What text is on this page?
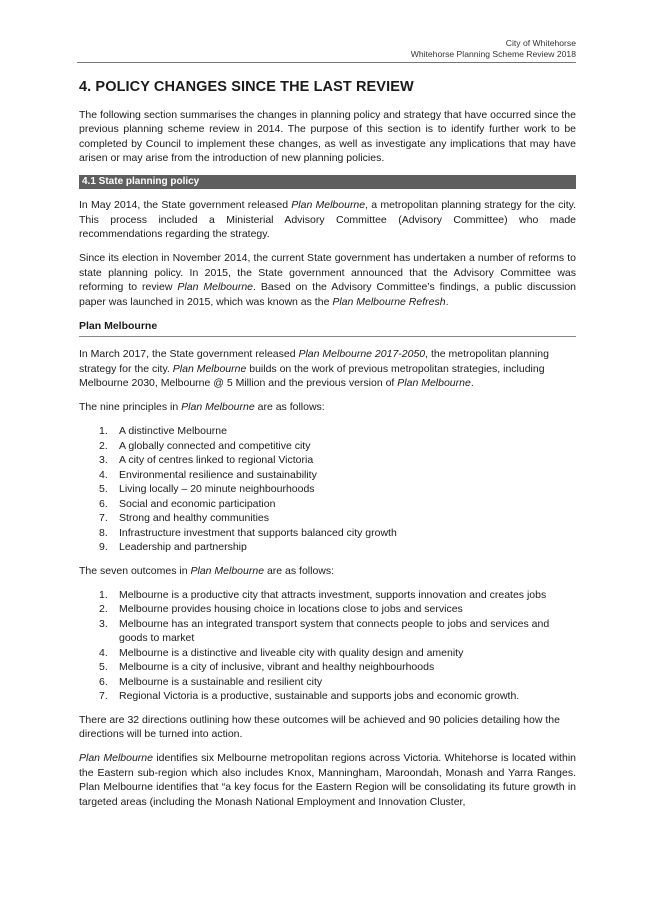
City of Whitehorse
Whitehorse Planning Scheme Review 2018
4. POLICY CHANGES SINCE THE LAST REVIEW

The following section summarises the changes in planning policy and strategy that have occurred since the previous planning scheme review in 2014. The purpose of this section is to identify further work to be completed by Council to implement these changes, as well as investigate any implications that may have arisen or may arise from the introduction of new planning policies.

4.1 State planning policy

In May 2014, the State government released Plan Melbourne, a metropolitan planning strategy for the city. This process included a Ministerial Advisory Committee (Advisory Committee) who made recommendations regarding the strategy.

Since its election in November 2014, the current State government has undertaken a number of reforms to state planning policy. In 2015, the State government announced that the Advisory Committee was reforming to review Plan Melbourne. Based on the Advisory Committee’s findings, a public discussion paper was launched in 2015, which was known as the Plan Melbourne Refresh.

Plan Melbourne

In March 2017, the State government released Plan Melbourne 2017-2050, the metropolitan planning strategy for the city. Plan Melbourne builds on the work of previous metropolitan strategies, including Melbourne 2030, Melbourne @ 5 Million and the previous version of Plan Melbourne.

The nine principles in Plan Melbourne are as follows:

1. A distinctive Melbourne
2. A globally connected and competitive city
3. A city of centres linked to regional Victoria
4. Environmental resilience and sustainability
5. Living locally – 20 minute neighbourhoods
6. Social and economic participation
7. Strong and healthy communities
8. Infrastructure investment that supports balanced city growth
9. Leadership and partnership

The seven outcomes in Plan Melbourne are as follows:

1. Melbourne is a productive city that attracts investment, supports innovation and creates jobs
2. Melbourne provides housing choice in locations close to jobs and services
3. Melbourne has an integrated transport system that connects people to jobs and services and goods to market
4. Melbourne is a distinctive and liveable city with quality design and amenity
5. Melbourne is a city of inclusive, vibrant and healthy neighbourhoods
6. Melbourne is a sustainable and resilient city
7. Regional Victoria is a productive, sustainable and supports jobs and economic growth.

There are 32 directions outlining how these outcomes will be achieved and 90 policies detailing how the directions will be turned into action.

Plan Melbourne identifies six Melbourne metropolitan regions across Victoria. Whitehorse is located within the Eastern sub-region which also includes Knox, Manningham, Maroondah, Monash and Yarra Ranges. Plan Melbourne identifies that “a key focus for the Eastern Region will be consolidating its future growth in targeted areas (including the Monash National Employment and Innovation Cluster,
